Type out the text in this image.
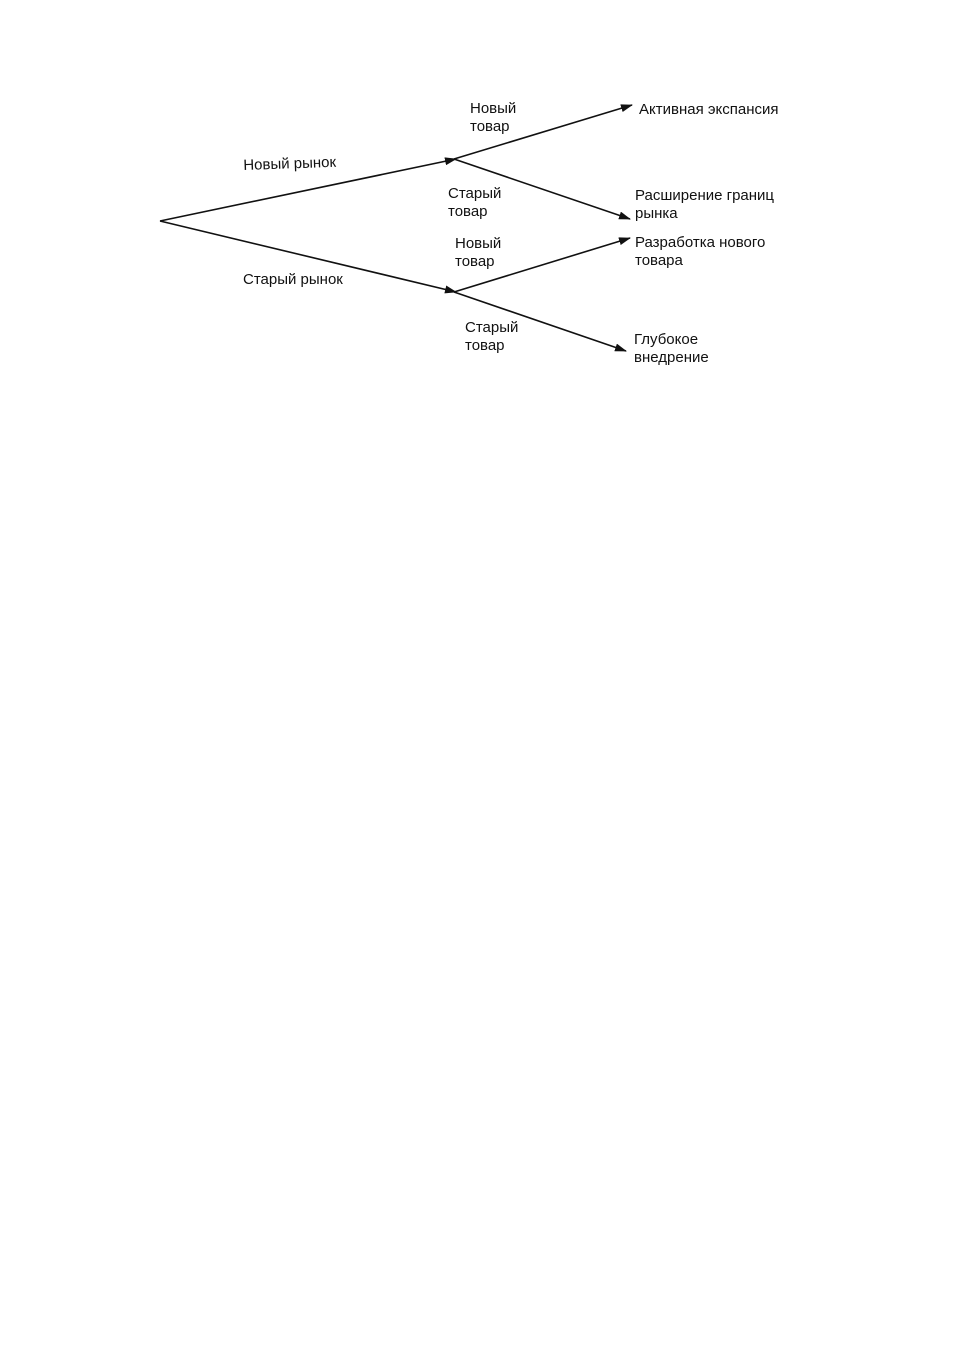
Новый рынок
Старый рынок
Новый
товар
Старый
товар
Новый
товар
Старый
товар
Активная экспансия
Расширение границ
рынка
Разработка нового
товара
Глубокое
внедрение
